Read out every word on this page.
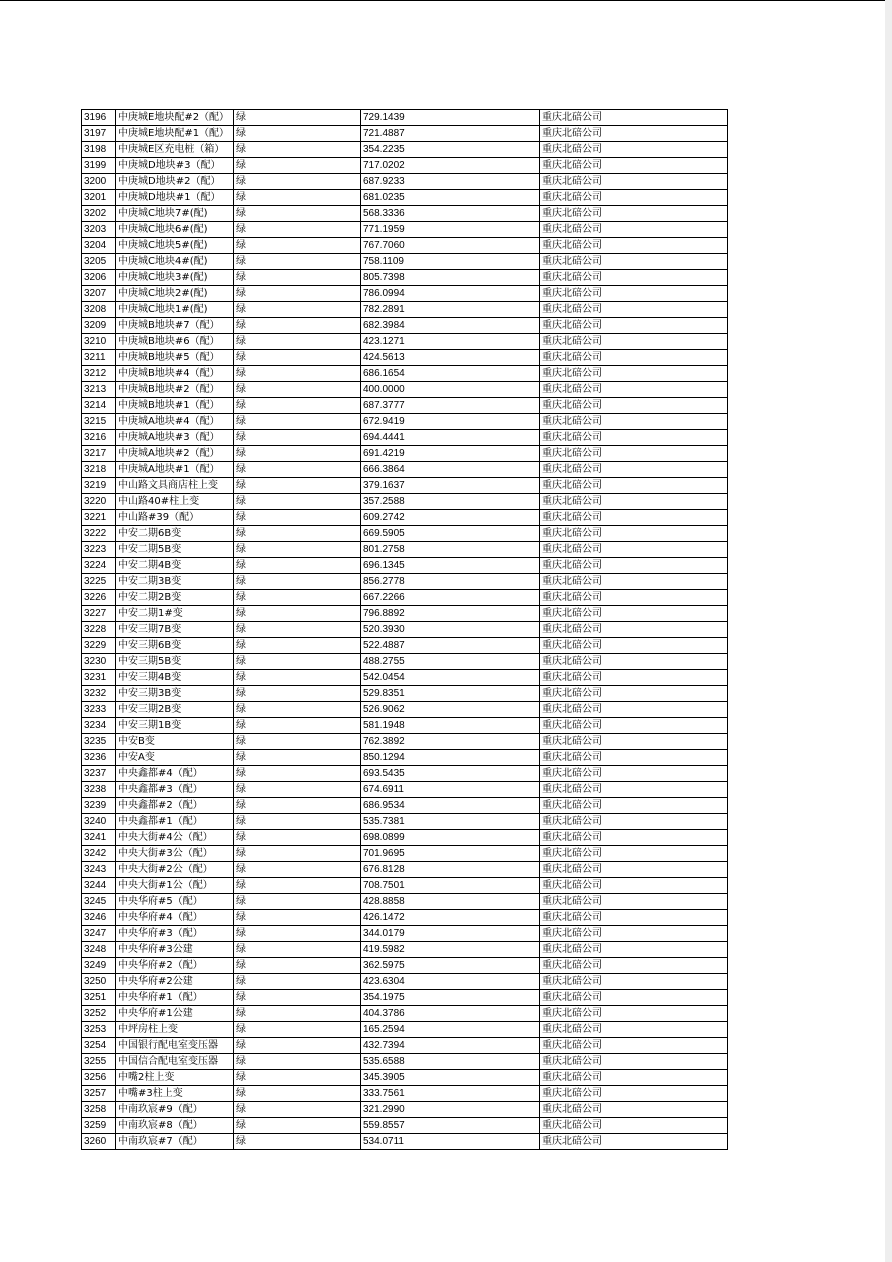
3196	中庚城E地块配#2（配）	绿	729.1439	重庆北碚公司
3197	中庚城E地块配#1（配）	绿	721.4887	重庆北碚公司
3198	中庚城E区充电桩（箱）	绿	354.2235	重庆北碚公司
3199	中庚城D地块#3（配）	绿	717.0202	重庆北碚公司
3200	中庚城D地块#2（配）	绿	687.9233	重庆北碚公司
3201	中庚城D地块#1（配）	绿	681.0235	重庆北碚公司
3202	中庚城C地块7#(配)	绿	568.3336	重庆北碚公司
3203	中庚城C地块6#(配)	绿	771.1959	重庆北碚公司
3204	中庚城C地块5#(配)	绿	767.7060	重庆北碚公司
3205	中庚城C地块4#(配)	绿	758.1109	重庆北碚公司
3206	中庚城C地块3#(配)	绿	805.7398	重庆北碚公司
3207	中庚城C地块2#(配)	绿	786.0994	重庆北碚公司
3208	中庚城C地块1#(配)	绿	782.2891	重庆北碚公司
3209	中庚城B地块#7（配）	绿	682.3984	重庆北碚公司
3210	中庚城B地块#6（配）	绿	423.1271	重庆北碚公司
3211	中庚城B地块#5（配）	绿	424.5613	重庆北碚公司
3212	中庚城B地块#4（配）	绿	686.1654	重庆北碚公司
3213	中庚城B地块#2（配）	绿	400.0000	重庆北碚公司
3214	中庚城B地块#1（配）	绿	687.3777	重庆北碚公司
3215	中庚城A地块#4（配）	绿	672.9419	重庆北碚公司
3216	中庚城A地块#3（配）	绿	694.4441	重庆北碚公司
3217	中庚城A地块#2（配）	绿	691.4219	重庆北碚公司
3218	中庚城A地块#1（配）	绿	666.3864	重庆北碚公司
3219	中山路文具商店柱上变	绿	379.1637	重庆北碚公司
3220	中山路40#柱上变	绿	357.2588	重庆北碚公司
3221	中山路#39（配）	绿	609.2742	重庆北碚公司
3222	中安二期6B变	绿	669.5905	重庆北碚公司
3223	中安二期5B变	绿	801.2758	重庆北碚公司
3224	中安二期4B变	绿	696.1345	重庆北碚公司
3225	中安二期3B变	绿	856.2778	重庆北碚公司
3226	中安二期2B变	绿	667.2266	重庆北碚公司
3227	中安二期1#变	绿	796.8892	重庆北碚公司
3228	中安三期7B变	绿	520.3930	重庆北碚公司
3229	中安三期6B变	绿	522.4887	重庆北碚公司
3230	中安三期5B变	绿	488.2755	重庆北碚公司
3231	中安三期4B变	绿	542.0454	重庆北碚公司
3232	中安三期3B变	绿	529.8351	重庆北碚公司
3233	中安三期2B变	绿	526.9062	重庆北碚公司
3234	中安三期1B变	绿	581.1948	重庆北碚公司
3235	中安B变	绿	762.3892	重庆北碚公司
3236	中安A变	绿	850.1294	重庆北碚公司
3237	中央鑫都#4（配）	绿	693.5435	重庆北碚公司
3238	中央鑫都#3（配）	绿	674.6911	重庆北碚公司
3239	中央鑫都#2（配）	绿	686.9534	重庆北碚公司
3240	中央鑫都#1（配）	绿	535.7381	重庆北碚公司
3241	中央大街#4公（配）	绿	698.0899	重庆北碚公司
3242	中央大街#3公（配）	绿	701.9695	重庆北碚公司
3243	中央大街#2公（配）	绿	676.8128	重庆北碚公司
3244	中央大街#1公（配）	绿	708.7501	重庆北碚公司
3245	中央华府#5（配）	绿	428.8858	重庆北碚公司
3246	中央华府#4（配）	绿	426.1472	重庆北碚公司
3247	中央华府#3（配）	绿	344.0179	重庆北碚公司
3248	中央华府#3公建	绿	419.5982	重庆北碚公司
3249	中央华府#2（配）	绿	362.5975	重庆北碚公司
3250	中央华府#2公建	绿	423.6304	重庆北碚公司
3251	中央华府#1（配）	绿	354.1975	重庆北碚公司
3252	中央华府#1公建	绿	404.3786	重庆北碚公司
3253	中坪房柱上变	绿	165.2594	重庆北碚公司
3254	中国银行配电室变压器	绿	432.7394	重庆北碚公司
3255	中国信合配电室变压器	绿	535.6588	重庆北碚公司
3256	中嘴2柱上变	绿	345.3905	重庆北碚公司
3257	中嘴#3柱上变	绿	333.7561	重庆北碚公司
3258	中南玖宸#9（配）	绿	321.2990	重庆北碚公司
3259	中南玖宸#8（配）	绿	559.8557	重庆北碚公司
3260	中南玖宸#7（配）	绿	534.0711	重庆北碚公司
